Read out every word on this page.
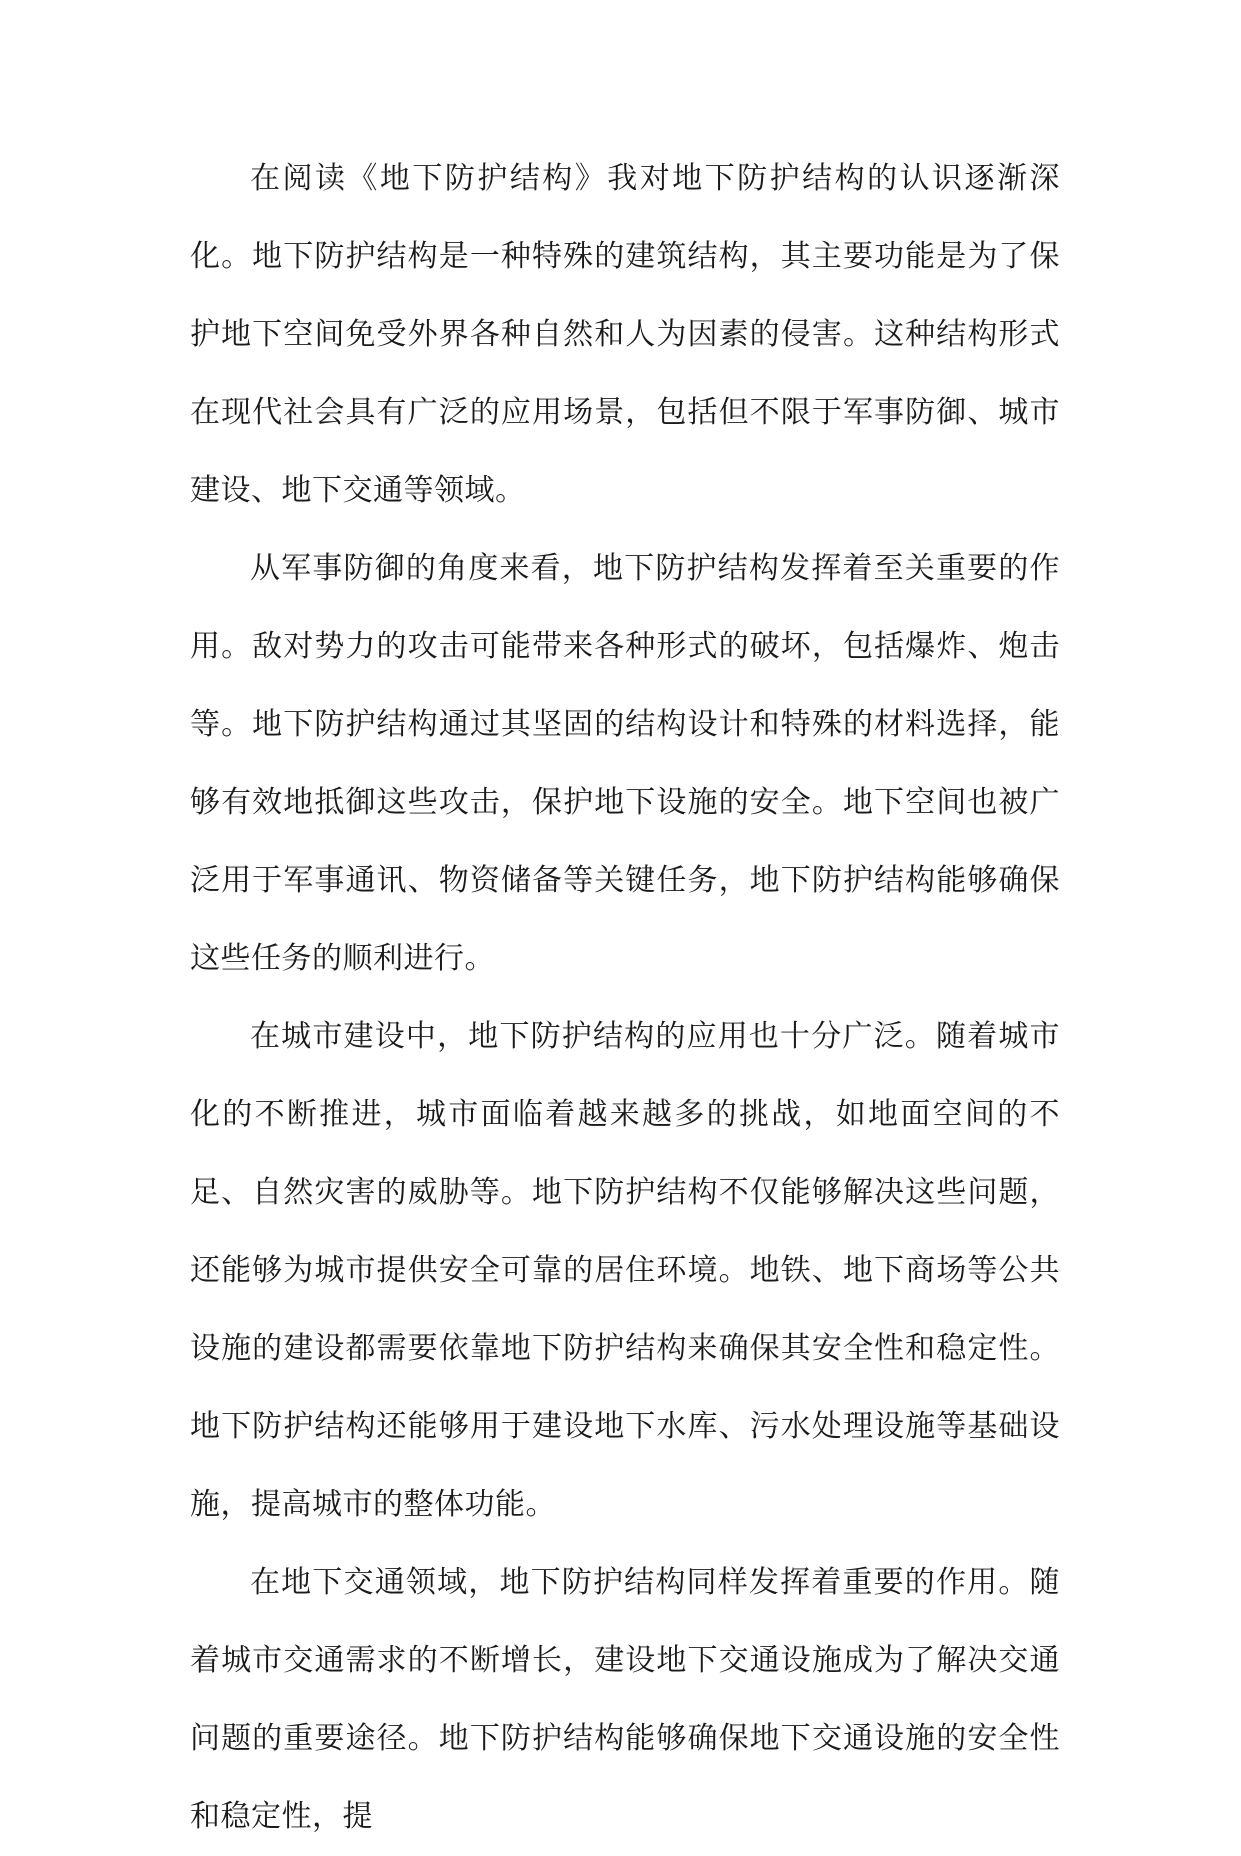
在阅读《地下防护结构》我对地下防护结构的认识逐渐深化。地下防护结构是一种特殊的建筑结构，其主要功能是为了保护地下空间免受外界各种自然和人为因素的侵害。这种结构形式在现代社会具有广泛的应用场景，包括但不限于军事防御、城市建设、地下交通等领域。

从军事防御的角度来看，地下防护结构发挥着至关重要的作用。敌对势力的攻击可能带来各种形式的破坏，包括爆炸、炮击等。地下防护结构通过其坚固的结构设计和特殊的材料选择，能够有效地抵御这些攻击，保护地下设施的安全。地下空间也被广泛用于军事通讯、物资储备等关键任务，地下防护结构能够确保这些任务的顺利进行。

在城市建设中，地下防护结构的应用也十分广泛。随着城市化的不断推进，城市面临着越来越多的挑战，如地面空间的不足、自然灾害的威胁等。地下防护结构不仅能够解决这些问题，还能够为城市提供安全可靠的居住环境。地铁、地下商场等公共设施的建设都需要依靠地下防护结构来确保其安全性和稳定性。地下防护结构还能够用于建设地下水库、污水处理设施等基础设施，提高城市的整体功能。

在地下交通领域，地下防护结构同样发挥着重要的作用。随着城市交通需求的不断增长，建设地下交通设施成为了解决交通问题的重要途径。地下防护结构能够确保地下交通设施的安全性和稳定性，提
